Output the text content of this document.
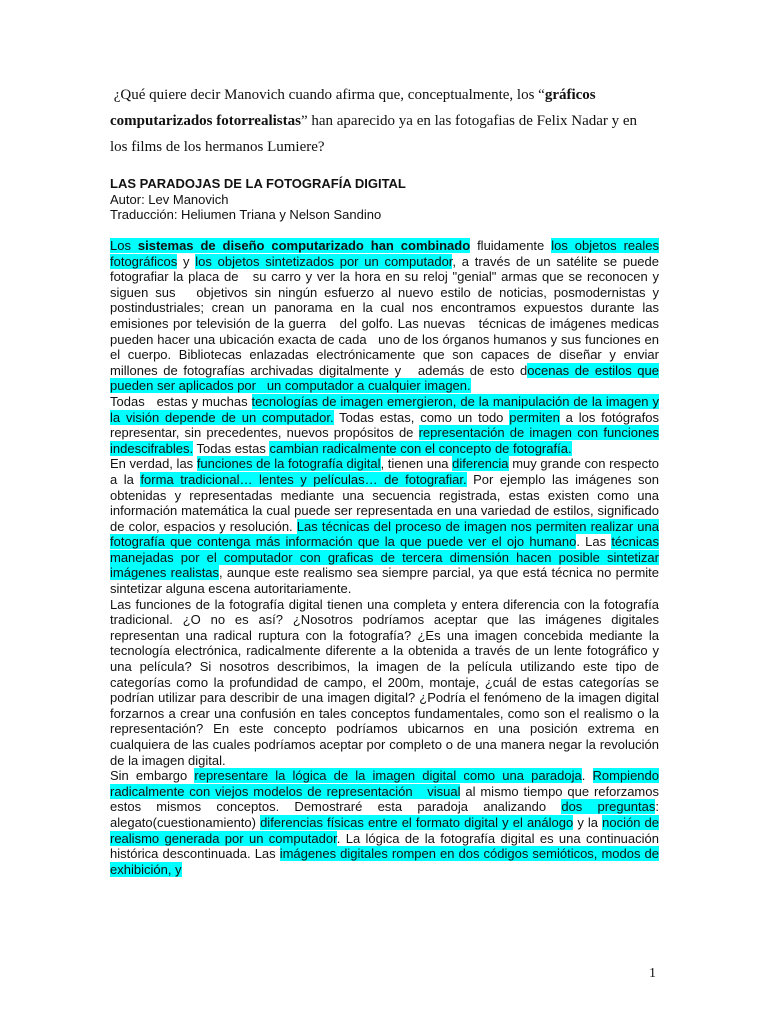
¿Qué quiere decir Manovich cuando afirma que, conceptualmente, los “gráficos computarizados fotorrealistas” han aparecido ya en las fotogafias de Felix Nadar y en los films de los hermanos Lumiere?
LAS PARADOJAS DE LA FOTOGRAFÍA DIGITAL
Autor: Lev Manovich
Traducción: Heliumen Triana y Nelson Sandino

Los sistemas de diseño computarizado han combinado fluidamente los objetos reales fotográficos y los objetos sintetizados por un computador, a través de un satélite se puede fotografiar la placa de   su carro y ver la hora en su reloj "genial" armas que se reconocen y siguen sus   objetivos sin ningún esfuerzo al nuevo estilo de noticias, posmodernistas y postindustriales; crean un panorama en la cual nos encontramos expuestos durante las emisiones por televisión de la guerra   del golfo. Las nuevas   técnicas de imágenes medicas pueden hacer una ubicación exacta de cada   uno de los órganos humanos y sus funciones en el cuerpo. Bibliotecas enlazadas electrónicamente que son capaces de diseñar y enviar millones de fotografías archivadas digitalmente y   además de esto docenas de estilos que pueden ser aplicados por   un computador a cualquier imagen.

Todas   estas y muchas tecnologías de imagen emergieron, de la manipulación de la imagen y la visión depende de un computador. Todas estas, como un todo permiten a los fotógrafos representar, sin precedentes, nuevos propósitos de representación de imagen con funciones indescifrables. Todas estas cambian radicalmente con el concepto de fotografía.

En verdad, las funciones de la fotografía digital, tienen una diferencia muy grande con respecto a la forma tradicional… lentes y películas… de fotografiar. Por ejemplo las imágenes son obtenidas y representadas mediante una secuencia registrada, estas existen como una información matemática la cual puede ser representada en una variedad de estilos, significado de color, espacios y resolución. Las técnicas del proceso de imagen nos permiten realizar una fotografía que contenga más información que la que puede ver el ojo humano. Las técnicas manejadas por el computador con graficas de tercera dimensión hacen posible sintetizar imágenes realistas, aunque este realismo sea siempre parcial, ya que está técnica no permite sintetizar alguna escena autoritariamente.

Las funciones de la fotografía digital tienen una completa y entera diferencia con la fotografía tradicional. ¿O no es así? ¿Nosotros podríamos aceptar que las imágenes digitales representan una radical ruptura con la fotografía? ¿Es una imagen concebida mediante la tecnología electrónica, radicalmente diferente a la obtenida a través de un lente fotográfico y una película? Si nosotros describimos, la imagen de la película utilizando este tipo de categorías como la profundidad de campo, el 200m, montaje, ¿cuál de estas categorías se podrían utilizar para describir de una imagen digital? ¿Podría el fenómeno de la imagen digital forzarnos a crear una confusión en tales conceptos fundamentales, como son el realismo o la representación? En este concepto podríamos ubicarnos en una posición extrema en cualquiera de las cuales podríamos aceptar por completo o de una manera negar la revolución de la imagen digital.

Sin embargo representare la lógica de la imagen digital como una paradoja. Rompiendo radicalmente con viejos modelos de representación   visual al mismo tiempo que reforzamos estos mismos conceptos. Demostraré esta paradoja analizando dos preguntas: alegato(cuestionamiento) diferencias físicas entre el formato digital y el análogo y la noción de realismo generada por un computador. La lógica de la fotografía digital es una continuación histórica descontinuada. Las imágenes digitales rompen en dos códigos semióticos, modos de exhibición, y

1
